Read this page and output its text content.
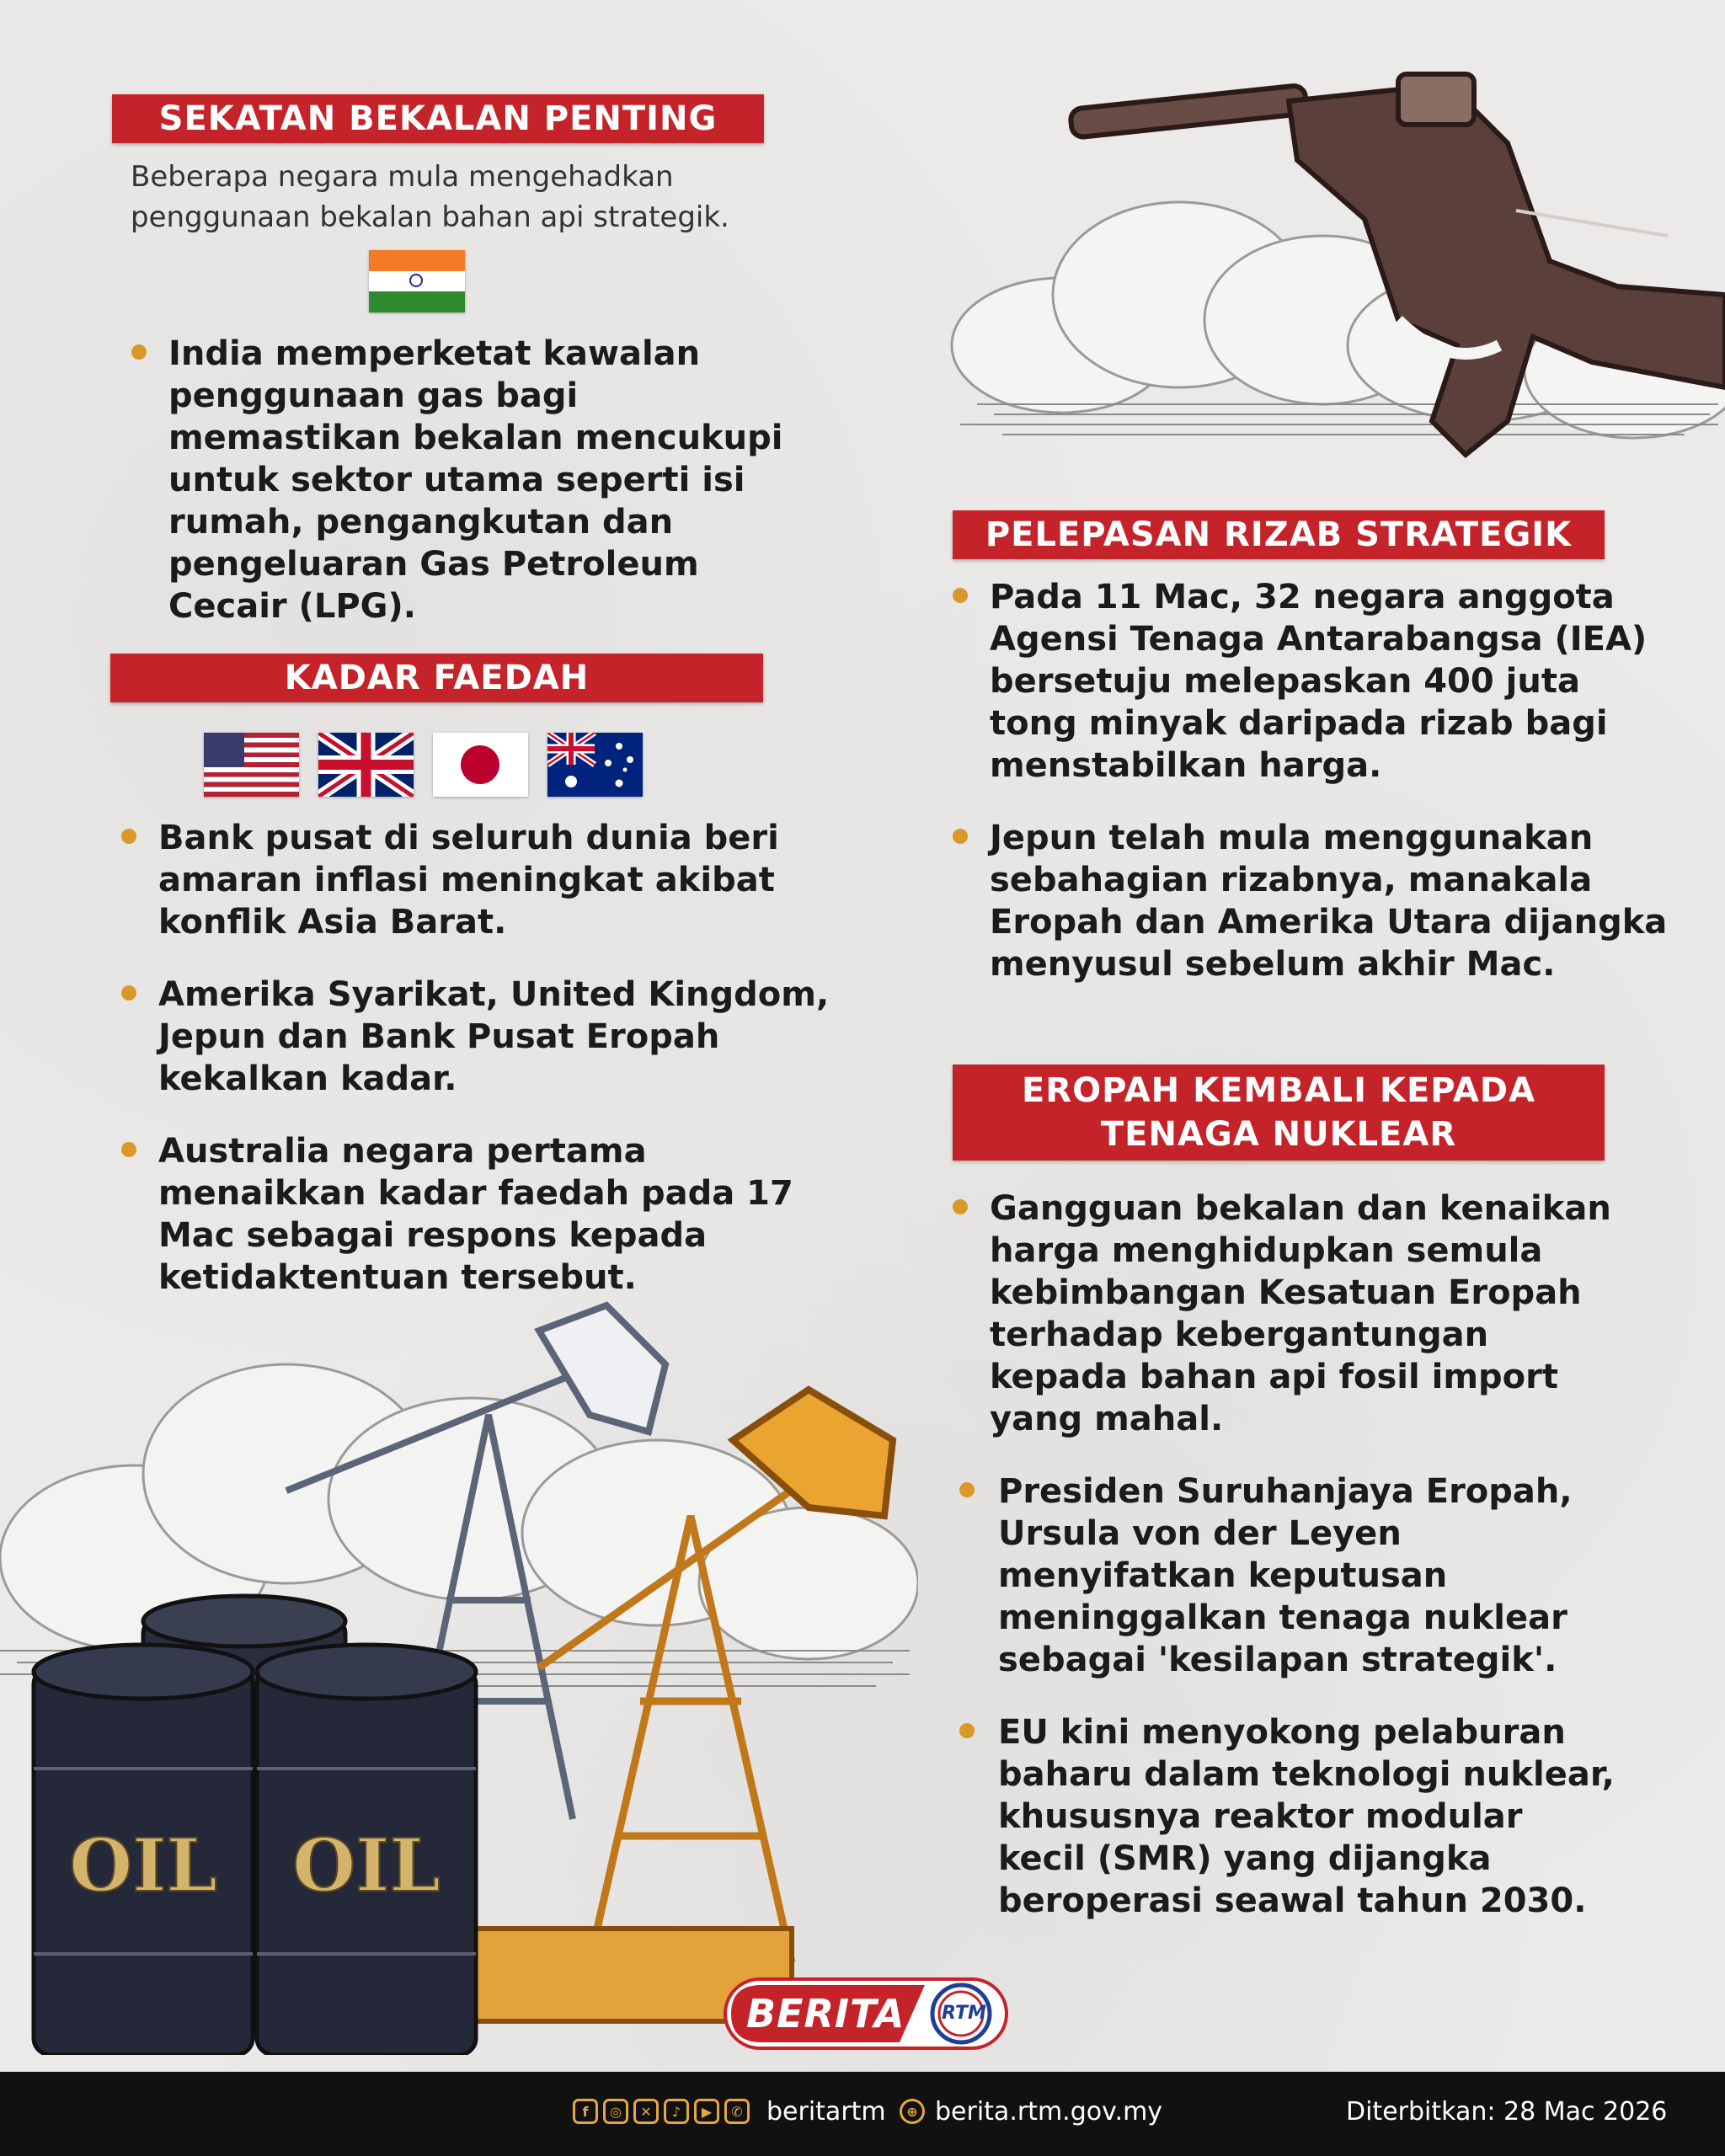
OIL OIL
SEKATAN BEKALAN PENTING
Beberapa negara mula mengehadkan
penggunaan bekalan bahan api strategik.
India memperketat kawalan penggunaan gas bagi memastikan bekalan mencukupi untuk sektor utama seperti isi rumah, pengangkutan dan pengeluaran Gas Petroleum Cecair (LPG).
KADAR FAEDAH
Bank pusat di seluruh dunia beri amaran inflasi meningkat akibat konflik Asia Barat.
Amerika Syarikat, United Kingdom, Jepun dan Bank Pusat Eropah kekalkan kadar.
Australia negara pertama menaikkan kadar faedah pada 17 Mac sebagai respons kepada ketidaktentuan tersebut.
PELEPASAN RIZAB STRATEGIK
Pada 11 Mac, 32 negara anggota Agensi Tenaga Antarabangsa (IEA) bersetuju melepaskan 400 juta tong minyak daripada rizab bagi menstabilkan harga.
Jepun telah mula menggunakan sebahagian rizabnya, manakala Eropah dan Amerika Utara dijangka menyusul sebelum akhir Mac.
EROPAH KEMBALI KEPADA
TENAGA NUKLEAR
Gangguan bekalan dan kenaikan harga menghidupkan semula kebimbangan Kesatuan Eropah terhadap kebergantungan kepada bahan api fosil import yang mahal.
Presiden Suruhanjaya Eropah, Ursula von der Leyen menyifatkan keputusan meninggalkan tenaga nuklear sebagai 'kesilapan strategik'.
EU kini menyokong pelaburan baharu dalam teknologi nuklear, khususnya reaktor modular kecil (SMR) yang dijangka beroperasi seawal tahun 2030.
BERITA RTM
f	◎	✕	♪	▶	✆ beritartm	⊕ berita.rtm.gov.my	Diterbitkan: 28 Mac 2026
